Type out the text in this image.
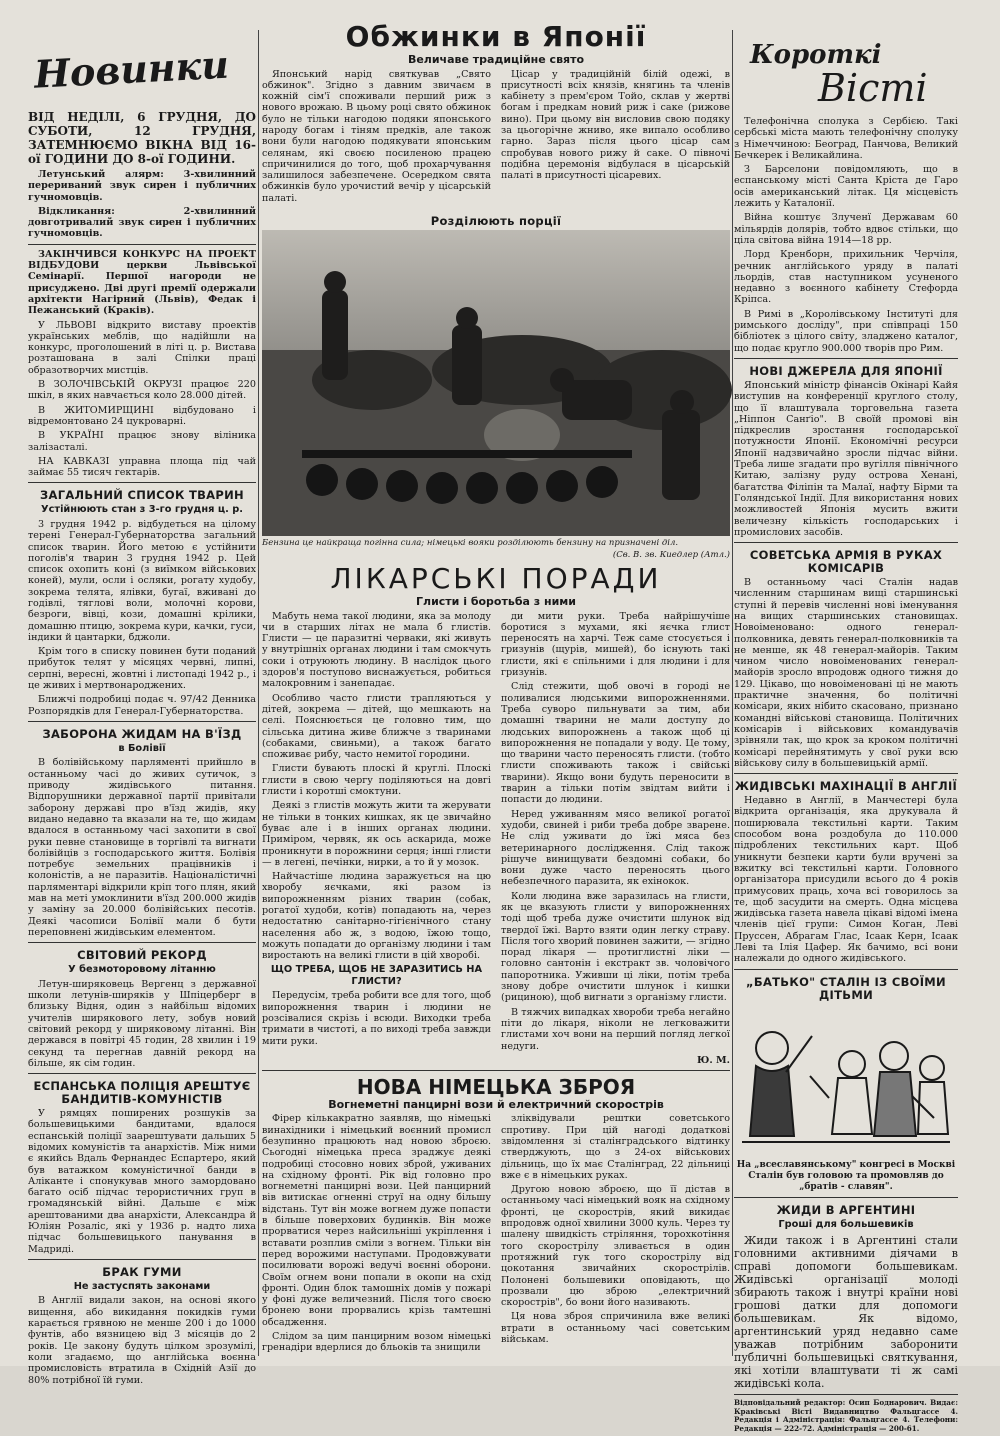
Новинки

ВІД НЕДІЛІ, 6 ГРУДНЯ, ДО СУБОТИ, 12 ГРУДНЯ, ЗАТЕМНЮЄМО ВІКНА ВІД 16-ої ГОДИНИ ДО 8-ої ГОДИНИ.

Летунський алярм: 3-хвилинний перериваний звук сирен і публичних гучномовців.

Відкликання: 2-хвилинний довготривалий звук сирен і публичних гучномовців.

ЗАКІНЧИВСЯ КОНКУРС НА ПРОЕКТ ВІДБУДОВИ церкви Львівської Семінарії. Першої нагороди не присуджено. Дві другі премії одержали архітекти Нагірний (Львів), Федак і Пежанський (Краків).

У ЛЬВОВІ відкрито виставу проектів українських меблів, що надійшли на конкурс, проголошений в літі ц. р. Вистава розташована в залі Спілки праці образотворчих мистців.

В ЗОЛОЧІВСЬКІЙ ОКРУЗІ працює 220 шкіл, в яких навчається коло 28.000 дітей.

В ЖИТОМИРЩИНІ відбудовано і відремонтовано 24 цукроварні.

В УКРАЇНІ працює знову віліника залізасталі.

НА КАВКАЗІ управна площа під чай займає 55 тисяч гектарів.

ЗАГАЛЬНИЙ СПИСОК ТВАРИН
Устійнюють стан з 3-го грудня ц. р.

3 грудня 1942 р. відбудеться на цілому терені Генерал-Губернаторства загальний список тварин. Його метою є устійнити поголів'я тварин 3 грудня 1942 р. Цей список охопить коні (з виїмком військових коней), мули, осли і осляки, рогату худобу, зокрема телята, ялівки, бугаї, вживані до годівлі, тяглові воли, молочні корови, безроги, вівці, кози, домашні крілики, домашню птицю, зокрема кури, качки, гуси, індики й цантарки, бджоли.

Крім того в списку повинен бути поданий прибуток телят у місяцях червні, липні, серпні, вересні, жовтні і листопаді 1942 р., і це живих і мертвонароджених.

Ближчі подробиці подає ч. 97/42 Денника Розпорядків для Генерал-Губернаторства.

ЗАБОРОНА ЖИДАМ НА В'ЇЗД
в Болівії

В болівійському парляменті прийшло в останньому часі до живих сутичок, з приводу жидівського питання. Відпорушники державної партії привітали заборону державі про в'їзд жидів, яку видано недавно та вказали на те, що жидам вдалося в останньому часі захопити в свої руки певне становище в торгівлі та вигнати болівійців з господарського життя. Болівія потребує земельних працівників і колоністів, а не паразитів. Націоналістичні парляментарі відкрили кріп того плян, який мав на меті умоклинити в'їзд 200.000 жидів у заміну за 20.000 болівійських песотів. Деякі часописи Болівії мали б бути переповнені жидівським елементом.

СВІТОВИЙ РЕКОРД
У безмоторовому літанню

Летун-ширяковець Вергенц з державної школи летунів-ширяків у Шпіцерберг в близьку Відня, один з найбільш відомих учителів ширякового лету, зобув новий світовий рекорд у ширяковому літанні. Він держався в повітрі 45 годин, 28 хвилин і 19 секунд та перегнав давній рекорд на більше, як сім годин.

ЕСПАНСЬКА ПОЛІЦІЯ АРЕШТУЄ БАНДИТІВ-КОМУНІСТІВ

У рямцях поширених розшуків за большевицькими бандитами, вдалося еспанській поліції заарештувати дальших 5 відомих комуністів та анархістів. Між ними є якийсь Вдаль Фернандес Еспартеро, який був ватажком комуністичної банди в Аліканте і спонукував много замордовано багато осіб підчас терористичних груп в громадянській війні. Дальше є між арештованими два анархісти, Александра й Юліян Розаліс, які у 1936 р. надто лиха підчас большевицького панування в Мадриді.

БРАК ГУМИ
Не застуспять законами

В Англії видали закон, на основі якого вищення, або викидання покидків гуми карається грявною не менше 200 і до 1000 фунтів, або вязницею від 3 місяців до 2 років. Це закону будуть цілком зрозумілі, коли згадаємо, що англійська воєнна промисловість втратила в Східній Азії до 80% потрібної їй гуми.

Обжинки в Японії
Величаве традиційне свято

Японський нарід святкував „Свято обжинок". Згідно з давним звичаєм в кожній сім'ї споживали перший риж з нового врожаю. В цьому році свято обжинок було не тільки нагодою подяки японського народу богам і тіням предків, але також вони були нагодою подякувати японським селянам, які своєю посиленою працею спричинилися до того, щоб прохарчування залишилося забезпечене. Осередком свята обжинків було урочистий вечір у цісарській палаті.

Цісар у традиційній білій одежі, в присутності всіх князів, княгинь та членів кабінету з прем'єром Тойо, склав у жертві богам і предкам новий риж і саке (рижове вино). При цьому він висловив свою подяку за цьогорічне жниво, яке випало особливо гарно. Зараз після цього цісар сам спробував нового рижу й саке. О півночі подібна церемонія відбулася в цісарській палаті в присутності цісаревих.

Розділюють порції
Бензина це найкраща погінна сила; німецькі вояки розділюють бензину на призначені діл.
(Св. В. зв. Киедлер (Атл.)
ЛІКАРСЬКІ ПОРАДИ
Глисти і боротьба з ними

Мабуть нема такої людини, яка за молоду чи в старших літах не мала б глистів. Глисти — це паразитні черваки, які живуть у внутрішніх органах людини і там смокчуть соки і отруюють людину. В наслідок цього здоров'я поступово виснажується, робиться малокровним і занепадає.

Особливо часто глисти трапляються у дітей, зокрема — дітей, що мешкають на селі. Пояснюється це головно тим, що сільська дитина живе ближче з тваринами (собаками, свиньми), а також багато споживає рибу, часто немитої городини.

Глисти бувають плоскі й круглі. Плоскі глисти в свою чергу поділяються на довгі глисти і коротші смоктуни.

Деякі з глистів можуть жити та жерувати не тільки в тонких кишках, як це звичайно буває але і в інших органах людини. Приміром, червяк, як ось аскарида, може проникнути в порожнини серця; інші глисти — в легені, печінки, нирки, а то й у мозок.

Найчастіше людина заражується на цю хворобу яєчками, які разом із випорожненням різних тварин (собак, рогатої худоби, котів) попадають на, через недостатню санітарно-гігієнічного стану населення або ж, з водою, їжою тощо, можуть попадати до організму людини і там виростають на великі глисти в цій хворобі.

ЩО ТРЕБА, ЩОБ НЕ ЗАРАЗИТИСЬ НА ГЛИСТИ?

Передусім, треба робити все для того, щоб випорожнення тварин і людини не розсівалися скрізь і всюди. Виходки треба тримати в чистоті, а по виході треба завжди мити руки.

ди мити руки. Треба найрішучіше боротися з мухами, які яєчка глист переносять на харчі. Теж саме стосується і гризунів (щурів, мишей), бо існують такі глисти, які є спільними і для людини і для гризунів.

Слід стежити, щоб овочі в городі не поливалися людськими випорожненнями. Треба суворо пильнувати за тим, аби домашні тварини не мали доступу до людських випорожнень а також щоб ці випорожнення не попадали у воду. Це тому, що тварини часто переносять глисти. (тобто глисти споживають також і свійські тварини). Якщо вони будуть переносити в тварин а тільки потім звідтам вийти і попасти до людини.

Неред уживанням мясо великої рогатої худоби, свиней і риби треба добре зварене. Не слід уживати до їжі мяса без ветеринарного дослідження. Слід також рішуче винищувати бездомні собаки, бо вони дуже часто переносять цього небезпечного паразита, як ехінокок.

Коли людина вже заразилась на глисти, як це вказують глисти у випорожненнях тоді щоб треба дуже очистити шлунок від твердої їжі. Варто взяти один легку страву. Після того хворий повинен зажити, — згідно порад лікаря — протиглистні ліки — головно сантонін і екстракт зв. чоловічого папоротника. Уживши ці ліки, потім треба знову добре очистити шлунок і кишки (рициною), щоб вигнати з організму глисти.

В тяжчих випадках хвороби треба негайно піти до лікаря, ніколи не легковажити глистами хоч вони на перший погляд легкої недуги.

Ю. М.
НОВА НІМЕЦЬКА ЗБРОЯ
Вогнеметні панцирні вози й електричний скорострів

Фірер кількакратно заявляв, що німецькі винахідники і німецький воєнний промисл безупинно працюють над новою зброєю. Сьогодні німецька преса зраджує деякі подробиці стосовно нових зброй, уживаних на східному фронті. Рік від головно про вогнеметні панцирні вози. Цей панцирний вів витискає огненні струї на одну більшу відстань. Тут він може вогнем дуже попасти в більше поверхових будинків. Він може прорватися через найсильніші укріплення і вставати розплив сміли з вогнем. Тільки він перед ворожими наступами. Продовжувати посилювати ворожі ведучі воєнні оборони. Своїм огнем вони попали в окопи на схід фронті. Один блок тамошніх домів у пожарі у фоні дуже величезний. Після того своєю бронею вони прорвались крізь тамтешні обсадження.

Слідом за цим панцирним возом німецькі гренадіри вдерлися до бльоків та знищили

зліквідували рештки советського спротиву. При цій нагоді додаткові звідомлення зі сталінградського відтинку стверджують, що з 24-ох військових дільниць, що їх має Сталінград, 22 дільниці вже є в німецьких руках.

Другою новою зброєю, що її дістав в останньому часі німецький вояк на східному фронті, це скорострів, який викидає впродовж одної хвилини 3000 куль. Через ту шалену швидкість стріляння, торохкотіння того скорострілу зливається в один протяжний гук того скорострілу від цокотання звичайних скорострілів. Полонені большевики оповідають, що прозвали цю зброю „електричний скорострів", бо вони його називають.

Ця нова зброя спричинила вже великі втрати в останньому часі советським військам.

Короткі
Вісті

Телефонічна сполука з Сербією. Такі сербські міста мають телефонічну сполуку з Німеччиною: Београд, Панчова, Великий Бечкерек і Великайлина.

З Барселони повідомляють, що в еспанському місті Санта Кріста де Гаро осів американський літак. Ця місцевість лежить у Каталонії.

Війна коштує Злученї Державам 60 мільярдів долярів, тобто вдвоє стільки, що ціла світова війна 1914—18 рр.

Лорд Кренборн, прихильник Черчіля, речник англійського уряду в палаті льордів, став наступником усуненого недавно з воєнного кабінету Стефорда Кріпса.

В Римі в „Королівському Інституті для римського досліду", при співпраці 150 бібліотек з цілого світу, зладжено каталог, що подає кругло 900.000 творів про Рим.

НОВІ ДЖЕРЕЛА ДЛЯ ЯПОНІЇ

Японський міністр фінансів Окінарі Кайя виступив на конференції круглого столу, що її влаштувала торговельна газета „Ніппон Санґіо". В своїй промові він підкреслив зростання господарської потужности Японії. Економічні ресурси Японії надзвичайно зросли підчас війни. Треба лише згадати про вугілля північного Китаю, залізну руду острова Хенані, багатства Філіпін та Малаї, нафту Бірми та Голяндської Індії. Для використання нових можливостей Японія мусить вжити величезну кількість господарських і промислових засобів.

СОВЕТСЬКА АРМІЯ В РУКАХ КОМІСАРІВ

В останньому часі Сталін надав численним старшинам вищі старшинські ступні й перевів численні нові іменування на вищих старшинських становищах. Новоіменовано: одного генерал-полковника, девять генерал-полковників та не менше, як 48 генерал-майорів. Таким чином число новоіменованих генерал-майорів зросло впродовж одного тижня до 129. Цікаво, що новоіменовані ці не мають практичне значення, бо політичні комісари, яких нібито скасовано, признано командні військові становища. Політичних комісарів і військових командувачів зрівняли так, що крок за кроком політичні комісарі перейнятимуть у свої руки всю військову силу в большевицькій армії.

ЖИДІВСЬКІ МАХІНАЦІЇ В АНГЛІЇ

Недавно в Англії, в Манчестері була відкрита організація, яка друкувала й поширювала текстильні карти. Таким способом вона роздобула до 110.000 підроблених текстильних карт. Щоб уникнути безпеки карти були вручені за вжитку всі текстильні карти. Головного організатора присудили всього до 4 років примусових праць, хоча всі говорилось за те, щоб засудити на смерть. Одна місцева жидівська газета навела цікаві відомі імена членів цієї групи: Симон Коган, Леві Пруссен, Абрагам Глас, Ісаак Керн, Ісаак Леві та Ілія Цафер. Як бачимо, всі вони належали до одного жидівського.

„БАТЬКО" СТАЛІН ІЗ СВОЇМИ ДІТЬМИ

На „всеславянському" конгресі в Москві Сталін був головою та промовляв до „братів - славян".

ЖИДИ В АРГЕНТИНІ
Гроші для большевиків

Жиди також і в Аргентині стали головними активними діячами в справі допомоги большевикам. Жидівські організації молоді збирають також і внутрі країни нові грошові датки для допомоги большевикам. Як відомо, аргентинський уряд недавно саме уважав потрібним заборонити публичні большевицькі святкування, які хотіли влаштувати ті ж самі жидівські кола.

Відповідальний редактор: Осип Боднарович. Видає: Краківські Вісті Видавництво Фальцгассе 4. Редакція і Адміністрація: Фальцгассе 4. Телефони: Редакція — 222-72. Адміністрація — 200-61.
